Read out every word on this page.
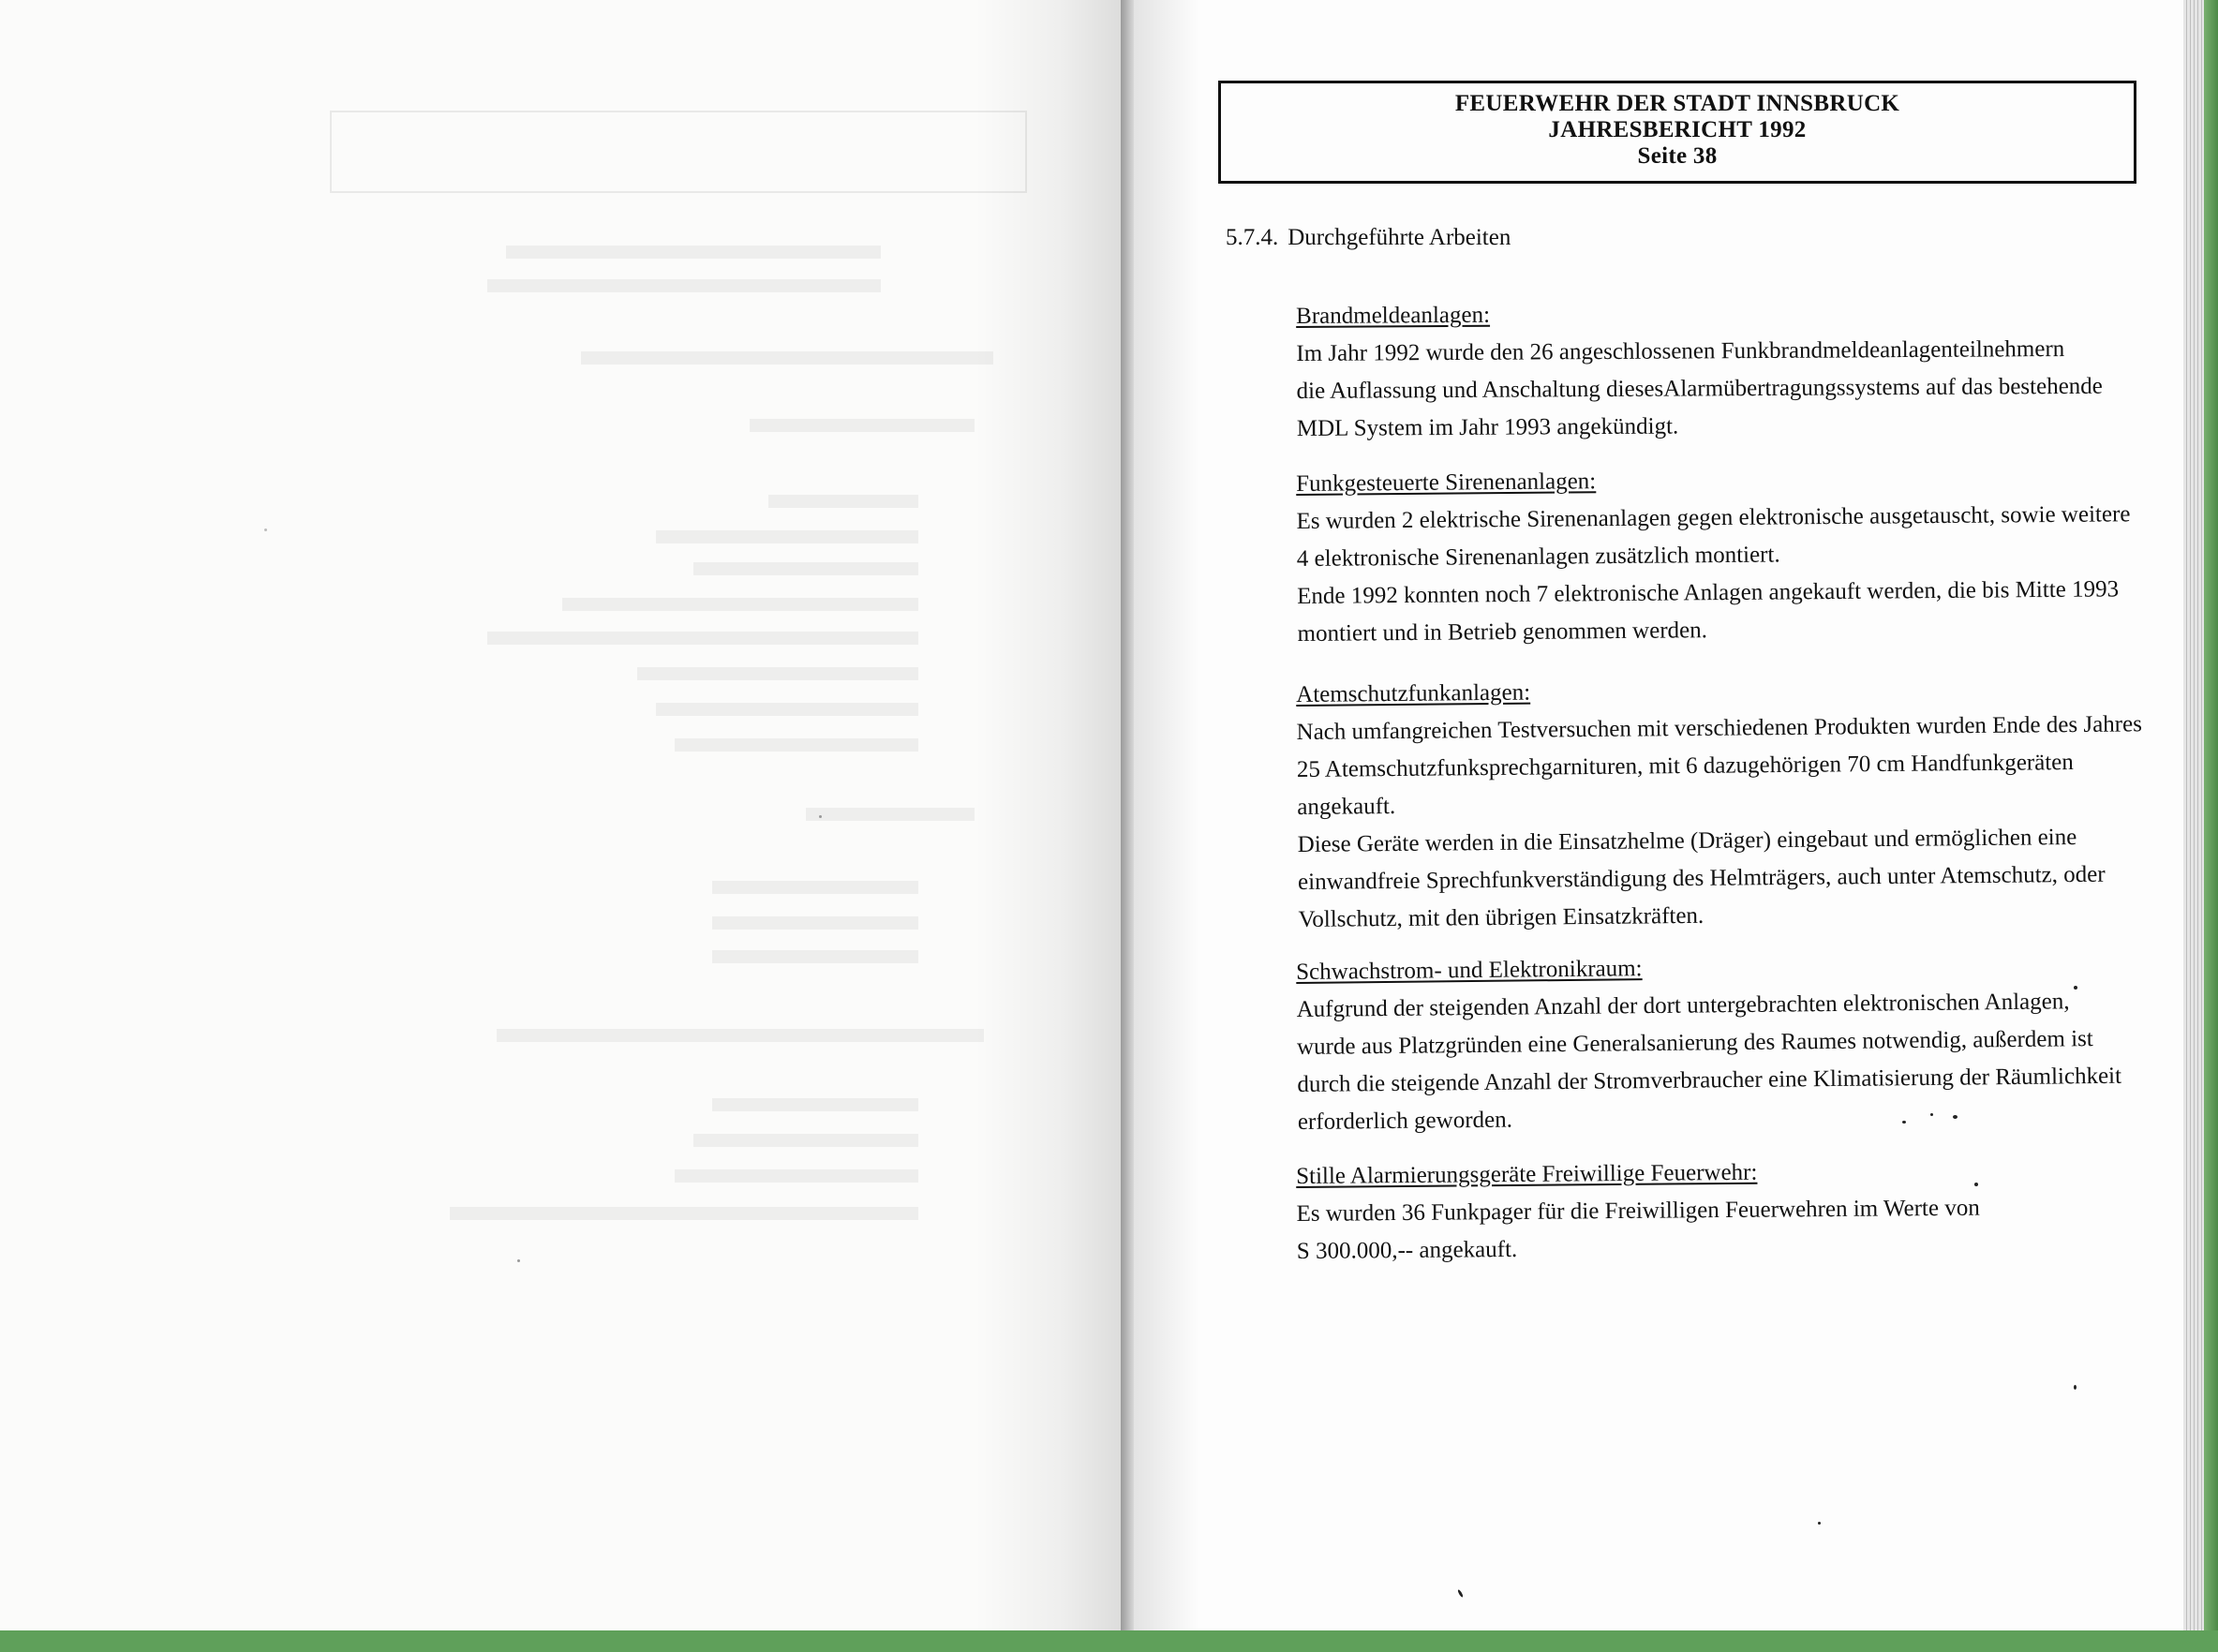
FEUERWEHR DER STADT INNSBRUCK
JAHRESBERICHT 1992
Seite 38
5.7.4. Durchgeführte Arbeiten

Brandmeldeanlagen:

Im Jahr 1992 wurde den 26 angeschlossenen Funkbrandmeldeanlagenteilnehmern

die Auflassung und Anschaltung diesesAlarmübertragungssystems auf das bestehende

MDL System im Jahr 1993 angekündigt.

Funkgesteuerte Sirenenanlagen:

Es wurden 2 elektrische Sirenenanlagen gegen elektronische ausgetauscht, sowie weitere

4 elektronische Sirenenanlagen zusätzlich montiert.

Ende 1992 konnten noch 7 elektronische Anlagen angekauft werden, die bis Mitte 1993

montiert und in Betrieb genommen werden.

Atemschutzfunkanlagen:

Nach umfangreichen Testversuchen mit verschiedenen Produkten wurden Ende des Jahres

25 Atemschutzfunksprechgarnituren, mit 6 dazugehörigen 70 cm Handfunkgeräten

angekauft.

Diese Geräte werden in die Einsatzhelme (Dräger) eingebaut und ermöglichen eine

einwandfreie Sprechfunkverständigung des Helmträgers, auch unter Atemschutz, oder

Vollschutz, mit den übrigen Einsatzkräften.

Schwachstrom- und Elektronikraum:

Aufgrund der steigenden Anzahl der dort untergebrachten elektronischen Anlagen,

wurde aus Platzgründen eine Generalsanierung des Raumes notwendig, außerdem ist

durch die steigende Anzahl der Stromverbraucher eine Klimatisierung der Räumlichkeit

erforderlich geworden.

Stille Alarmierungsgeräte Freiwillige Feuerwehr:

Es wurden 36 Funkpager für die Freiwilligen Feuerwehren im Werte von

S 300.000,-- angekauft.
